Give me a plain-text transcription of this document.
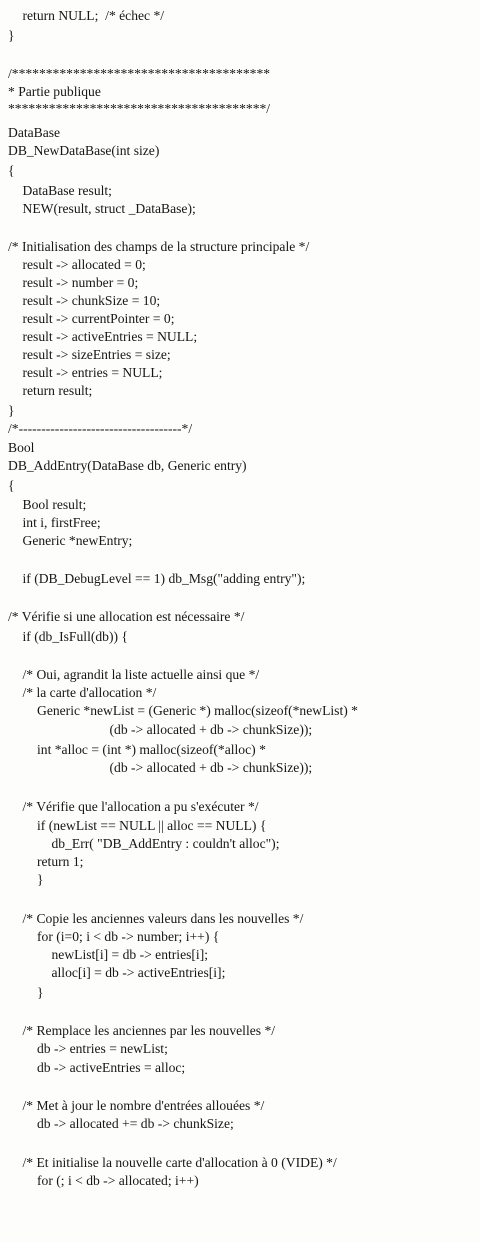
return NULL;  /* échec */
}
/**************************************
* Partie publique
**************************************/
DataBase
DB_NewDataBase(int size)
{
DataBase result;
NEW(result, struct _DataBase);
/* Initialisation des champs de la structure principale */
result -> allocated = 0;
result -> number = 0;
result -> chunkSize = 10;
result -> currentPointer = 0;
result -> activeEntries = NULL;
result -> sizeEntries = size;
result -> entries = NULL;
return result;
}
/*------------------------------------*/
Bool
DB_AddEntry(DataBase db, Generic entry)
{
Bool result;
int i, firstFree;
Generic *newEntry;
if (DB_DebugLevel == 1) db_Msg("adding entry");
/* Vérifie si une allocation est nécessaire */
if (db_IsFull(db)) {
/* Oui, agrandit la liste actuelle ainsi que */
/* la carte d'allocation */
Generic *newList = (Generic *) malloc(sizeof(*newList) *
(db -> allocated + db -> chunkSize));
int *alloc = (int *) malloc(sizeof(*alloc) *
(db -> allocated + db -> chunkSize));
/* Vérifie que l'allocation a pu s'exécuter */
if (newList == NULL || alloc == NULL) {
db_Err( "DB_AddEntry : couldn't alloc");
return 1;
}
/* Copie les anciennes valeurs dans les nouvelles */
for (i=0; i < db -> number; i++) {
newList[i] = db -> entries[i];
alloc[i] = db -> activeEntries[i];
}
/* Remplace les anciennes par les nouvelles */
db -> entries = newList;
db -> activeEntries = alloc;
/* Met à jour le nombre d'entrées allouées */
db -> allocated += db -> chunkSize;
/* Et initialise la nouvelle carte d'allocation à 0 (VIDE) */
for (; i < db -> allocated; i++)
